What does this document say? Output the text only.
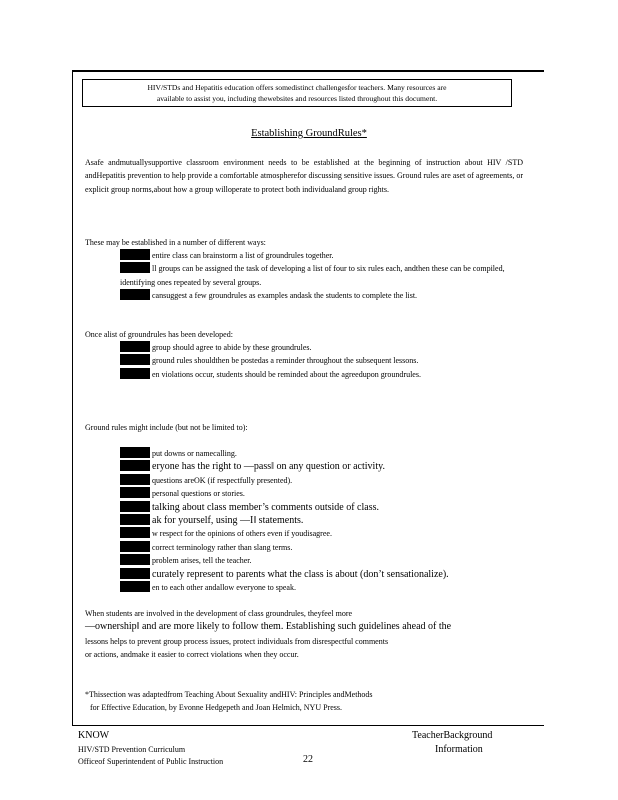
HIV/STDs and Hepatitis education offers somedistinct challengesfor teachers. Many resources are
available to assist you, including thewebsites and resources listed throughout this document.
Establishing GroundRules*
Asafe andmutuallysupportive classroom environment needs to be established at the beginning of instruction about HIV /STD andHepatitis prevention to help provide a comfortable atmospherefor discussing sensitive issues. Ground rules are aset of agreements, or explicit group norms,about how a group willoperate to protect both individualand group rights.
These may be established in a number of different ways:
entire class can brainstorm a list of groundrules together.
ll groups can be assigned the task of developing a list of four to six rules each, andthen these can be compiled, identifying ones repeated by several groups.
cansuggest a few groundrules as examples andask the students to complete the list.
Once alist of groundrules has been developed:
group should agree to abide by these groundrules.
ground rules shouldthen be postedas a reminder throughout the subsequent lessons.
en violations occur, students should be reminded about the agreedupon groundrules.
Ground rules might include (but not be limited to):
put downs or namecalling.
eryone has the right to ―pass‖ on any question or activity.
questions areOK (if respectfully presented).
personal questions or stories.
talking about class member’s comments outside of class.
ak for yourself, using ―I‖ statements.
w respect for the opinions of others even if youdisagree.
correct terminology rather than slang terms.
problem arises, tell the teacher.
curately represent to parents what the class is about (don’t sensationalize).
en to each other andallow everyone to speak.
When students are involved in the development of class groundrules, theyfeel more
―ownership‖ and are more likely to follow them. Establishing such guidelines ahead of the
lessons helps to prevent group process issues, protect individuals from disrespectful comments
or actions, andmake it easier to correct violations when they occur.
*Thissection was adaptedfrom Teaching About Sexuality andHIV: Principles andMethods
for Effective Education, by Evonne Hedgepeth and Joan Helmich, NYU Press.
KNOW
HIV/STD Prevention Curriculum
Officeof Superintendent of Public Instruction	22
TeacherBackground
Information
